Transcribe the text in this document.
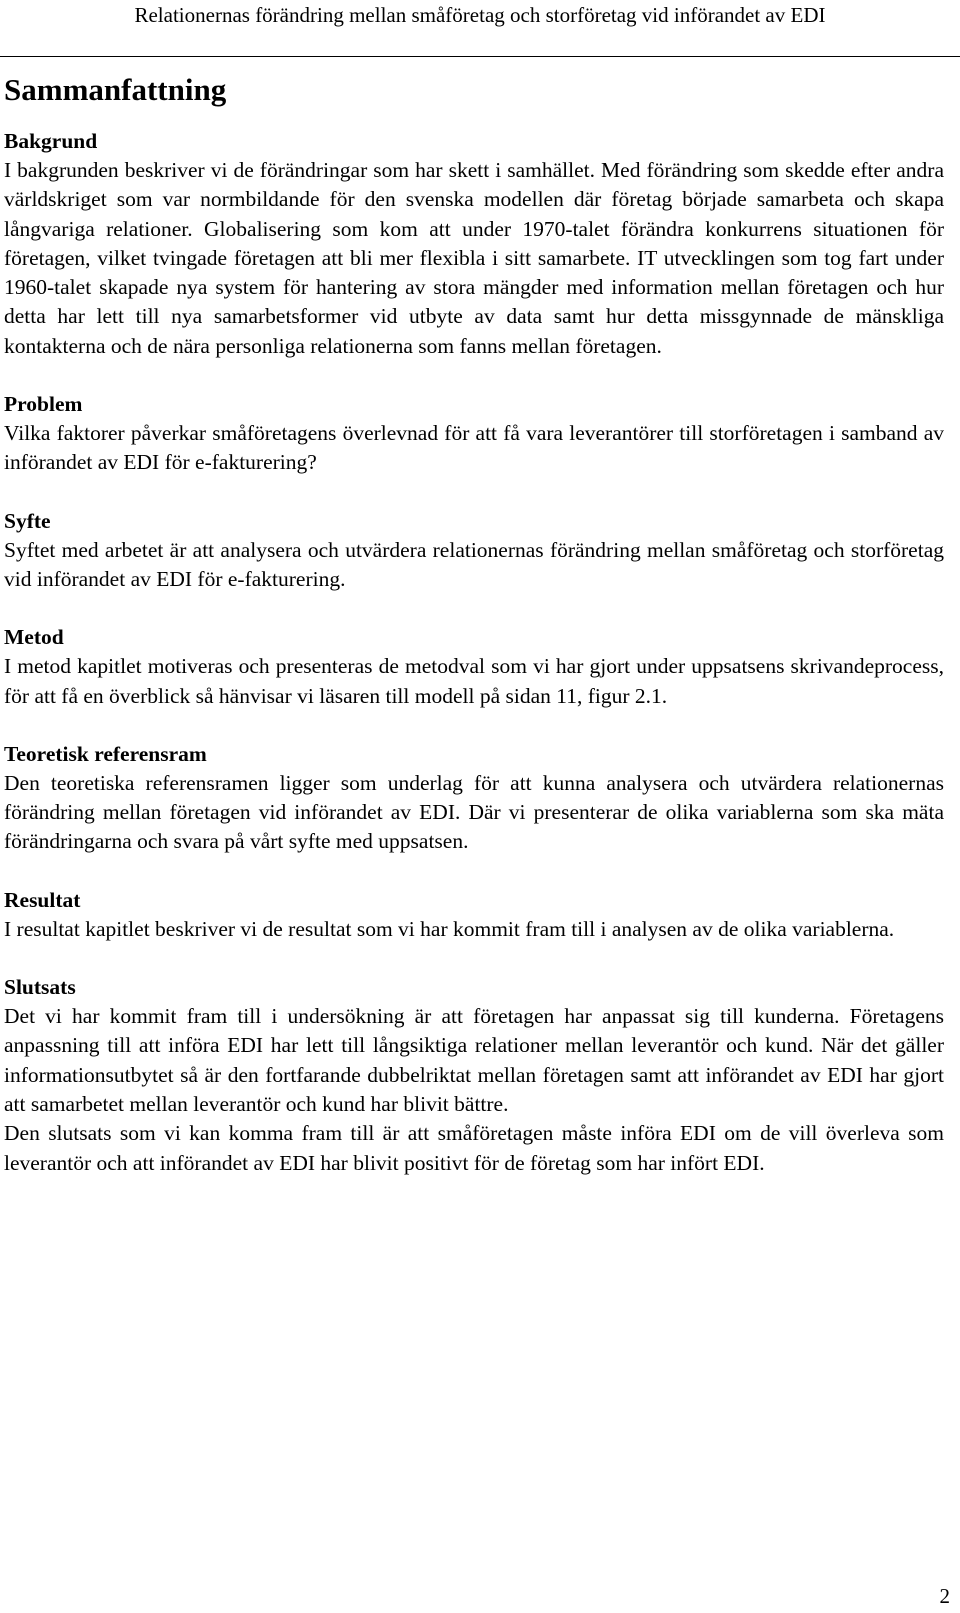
Relationernas förändring mellan småföretag och storföretag vid införandet av EDI
Sammanfattning
Bakgrund

I bakgrunden beskriver vi de förändringar som har skett i samhället. Med förändring som skedde efter andra världskriget som var normbildande för den svenska modellen där företag började samarbeta och skapa långvariga relationer. Globalisering som kom att under 1970-talet förändra konkurrens situationen för företagen, vilket tvingade företagen att bli mer flexibla i sitt samarbete. IT utvecklingen som tog fart under 1960-talet skapade nya system för hantering av stora mängder med information mellan företagen och hur detta har lett till nya samarbetsformer vid utbyte av data samt hur detta missgynnade de mänskliga kontakterna och de nära personliga relationerna som fanns mellan företagen.

Problem

Vilka faktorer påverkar småföretagens överlevnad för att få vara leverantörer till storföretagen i samband av införandet av EDI för e-fakturering?

Syfte

Syftet med arbetet är att analysera och utvärdera relationernas förändring mellan småföretag och storföretag vid införandet av EDI för e-fakturering.

Metod

I metod kapitlet motiveras och presenteras de metodval som vi har gjort under uppsatsens skrivandeprocess, för att få en överblick så hänvisar vi läsaren till modell på sidan 11, figur 2.1.

Teoretisk referensram

Den teoretiska referensramen ligger som underlag för att kunna analysera och utvärdera relationernas förändring mellan företagen vid införandet av EDI. Där vi presenterar de olika variablerna som ska mäta förändringarna och svara på vårt syfte med uppsatsen.

Resultat

I resultat kapitlet beskriver vi de resultat som vi har kommit fram till i analysen av de olika variablerna.

Slutsats

Det vi har kommit fram till i undersökning är att företagen har anpassat sig till kunderna. Företagens anpassning till att införa EDI har lett till långsiktiga relationer mellan leverantör och kund. När det gäller informationsutbytet så är den fortfarande dubbelriktat mellan företagen samt att införandet av EDI har gjort att samarbetet mellan leverantör och kund har blivit bättre.

Den slutsats som vi kan komma fram till är att småföretagen måste införa EDI om de vill överleva som leverantör och att införandet av EDI har blivit positivt för de företag som har infört EDI.

2
